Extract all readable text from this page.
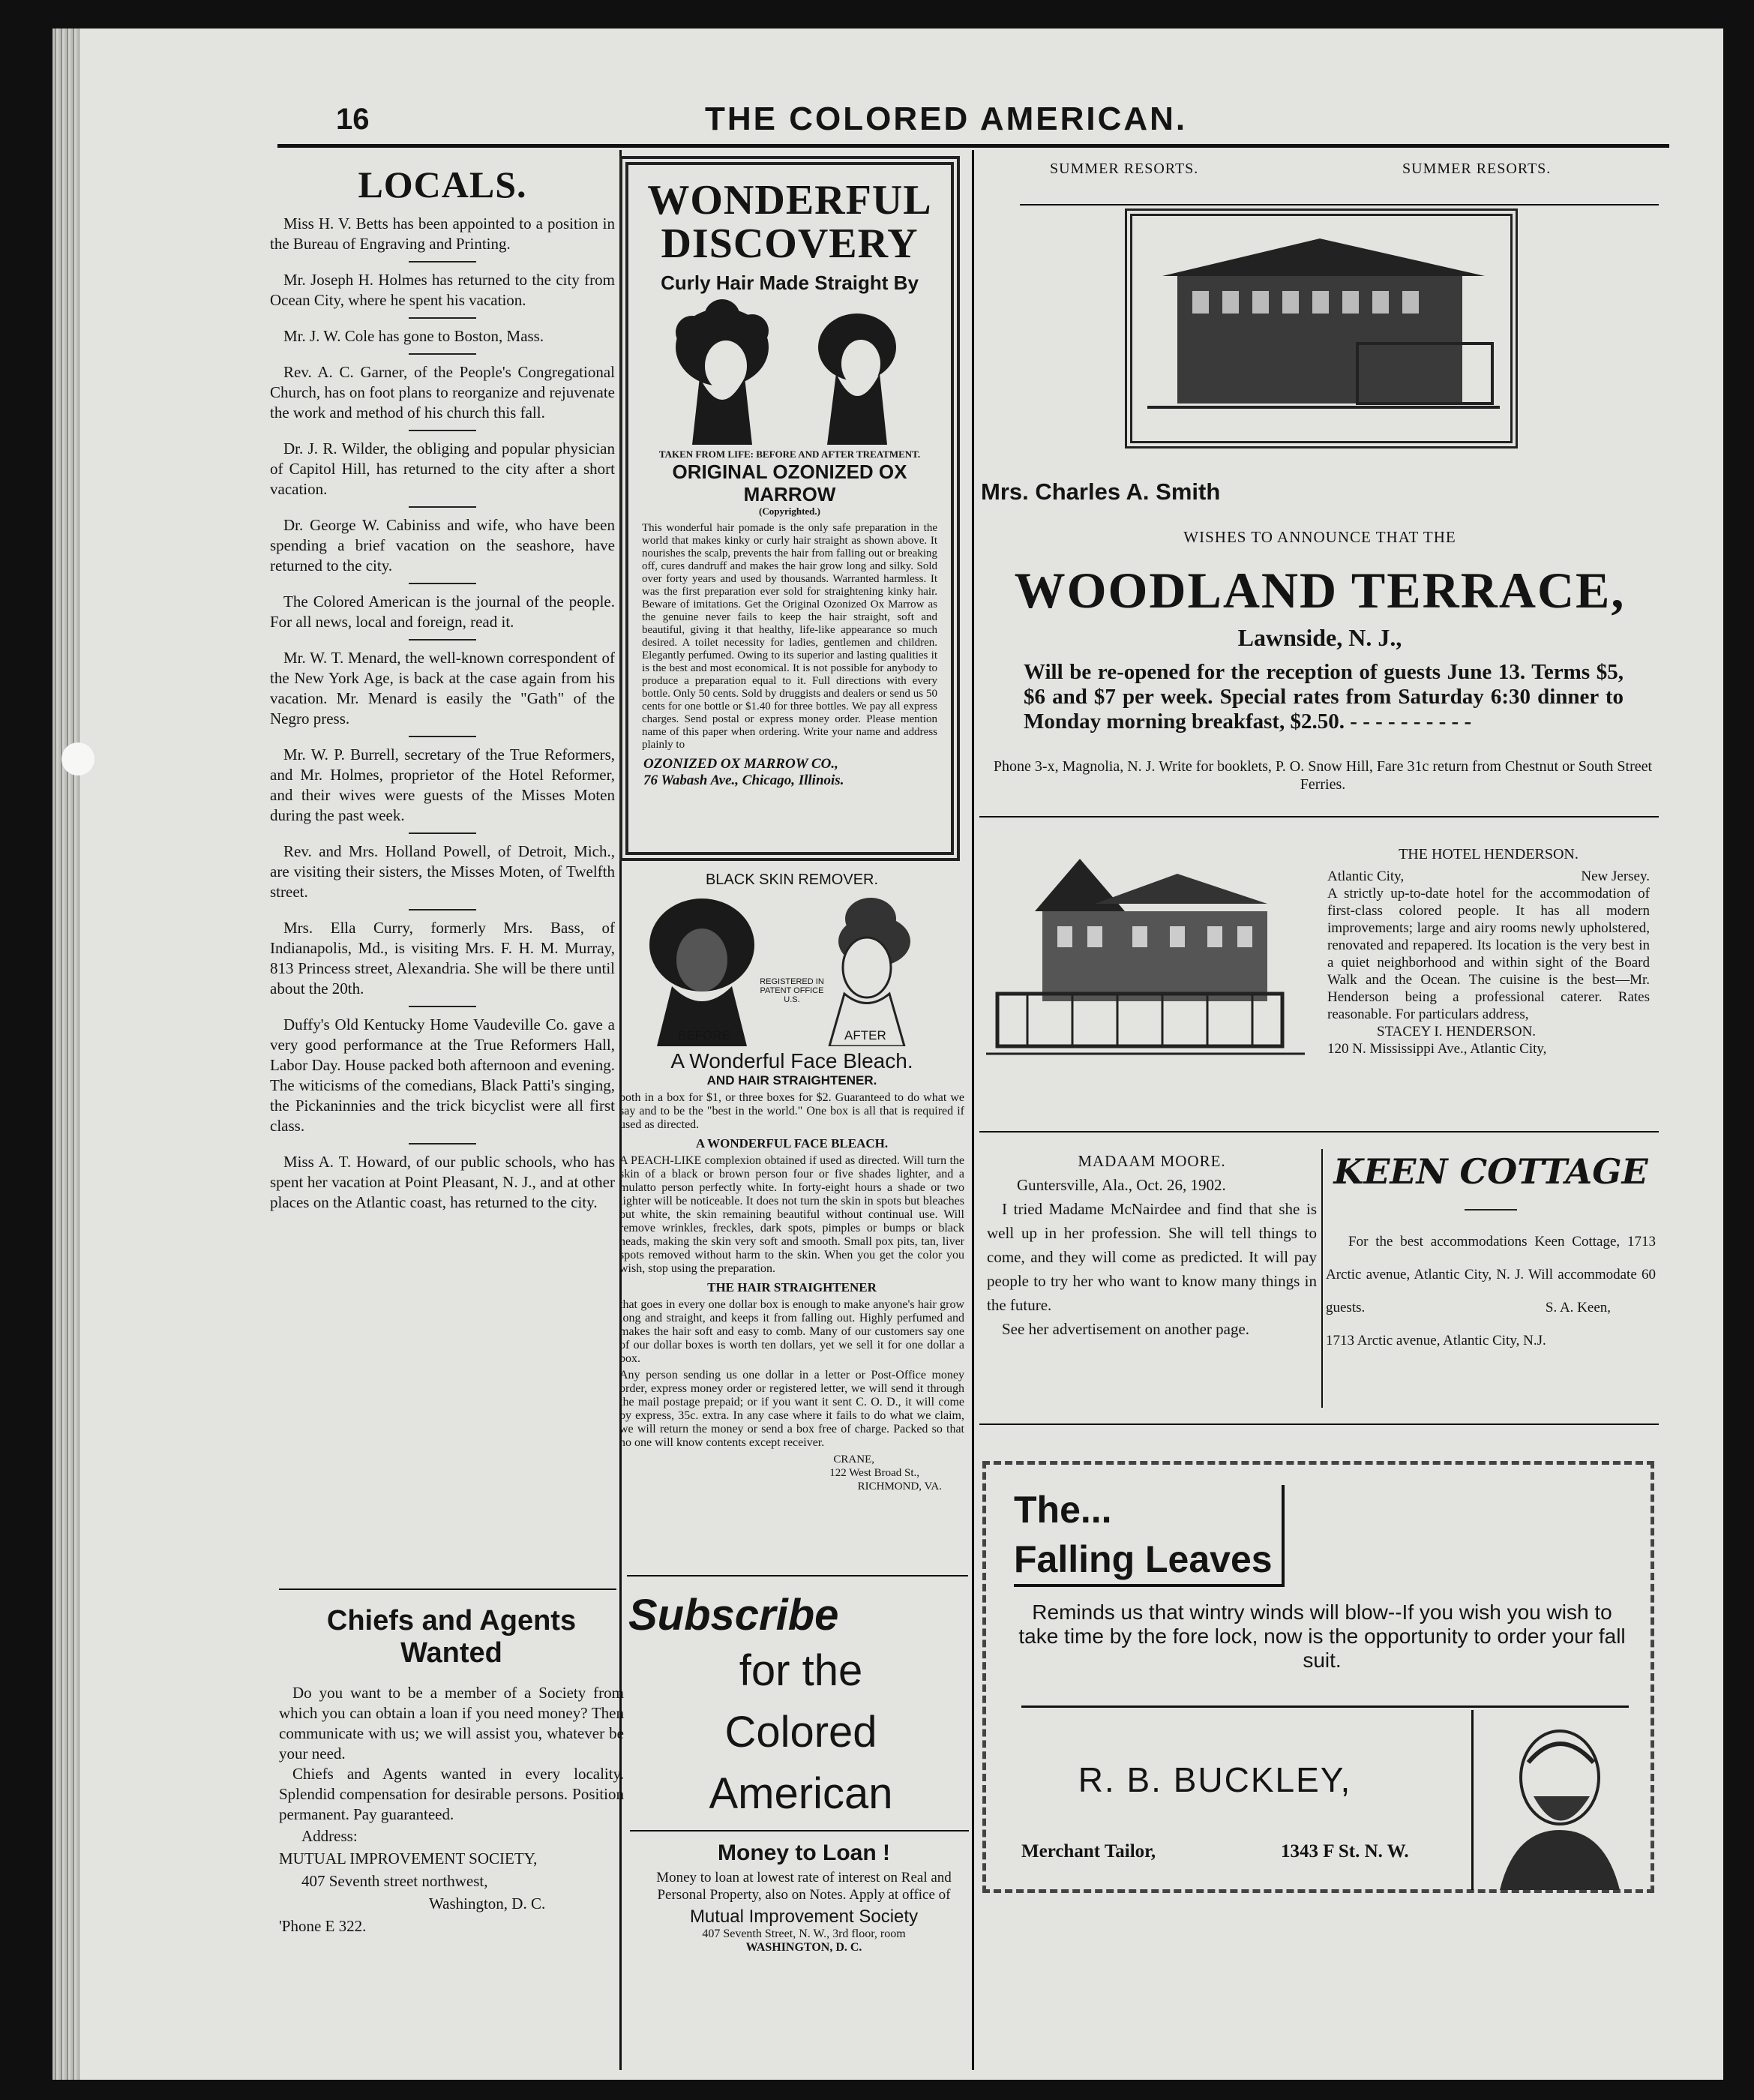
16	THE COLORED AMERICAN.
LOCALS.

Miss H. V. Betts has been appointed to a position in the Bureau of Engraving and Printing.

Mr. Joseph H. Holmes has returned to the city from Ocean City, where he spent his vacation.

Mr. J. W. Cole has gone to Boston, Mass.

Rev. A. C. Garner, of the People's Congregational Church, has on foot plans to reorganize and rejuvenate the work and method of his church this fall.

Dr. J. R. Wilder, the obliging and popular physician of Capitol Hill, has returned to the city after a short vacation.

Dr. George W. Cabiniss and wife, who have been spending a brief vacation on the seashore, have returned to the city.

The Colored American is the journal of the people. For all news, local and foreign, read it.

Mr. W. T. Menard, the well-known correspondent of the New York Age, is back at the case again from his vacation. Mr. Menard is easily the "Gath" of the Negro press.

Mr. W. P. Burrell, secretary of the True Reformers, and Mr. Holmes, proprietor of the Hotel Reformer, and their wives were guests of the Misses Moten during the past week.

Rev. and Mrs. Holland Powell, of Detroit, Mich., are visiting their sisters, the Misses Moten, of Twelfth street.

Mrs. Ella Curry, formerly Mrs. Bass, of Indianapolis, Md., is visiting Mrs. F. H. M. Murray, 813 Princess street, Alexandria. She will be there until about the 20th.

Duffy's Old Kentucky Home Vaudeville Co. gave a very good performance at the True Reformers Hall, Labor Day. House packed both afternoon and evening. The witicisms of the comedians, Black Patti's singing, the Pickaninnies and the trick bicyclist were all first class.

Miss A. T. Howard, of our public schools, who has spent her vacation at Point Pleasant, N. J., and at other places on the Atlantic coast, has returned to the city.

Chiefs and Agents Wanted

Do you want to be a member of a Society from which you can obtain a loan if you need money? Then communicate with us; we will assist you, whatever be your need.

Chiefs and Agents wanted in every locality. Splendid compensation for desirable persons. Position permanent. Pay guaranteed.

Address:
MUTUAL IMPROVEMENT SOCIETY,
407 Seventh street northwest,
Washington, D. C.
'Phone E 322.
WONDERFUL DISCOVERY
Curly Hair Made Straight By
TAKEN FROM LIFE: BEFORE AND AFTER TREATMENT.
ORIGINAL OZONIZED OX MARROW
(Copyrighted.)
This wonderful hair pomade is the only safe preparation in the world that makes kinky or curly hair straight as shown above. It nourishes the scalp, prevents the hair from falling out or breaking off, cures dandruff and makes the hair grow long and silky. Sold over forty years and used by thousands. Warranted harmless. It was the first preparation ever sold for straightening kinky hair. Beware of imitations. Get the Original Ozonized Ox Marrow as the genuine never fails to keep the hair straight, soft and beautiful, giving it that healthy, life-like appearance so much desired. A toilet necessity for ladies, gentlemen and children. Elegantly perfumed. Owing to its superior and lasting qualities it is the best and most economical. It is not possible for anybody to produce a preparation equal to it. Full directions with every bottle. Only 50 cents. Sold by druggists and dealers or send us 50 cents for one bottle or $1.40 for three bottles. We pay all express charges. Send postal or express money order. Please mention name of this paper when ordering. Write your name and address plainly to
OZONIZED OX MARROW CO.,
76 Wabash Ave., Chicago, Illinois.
BLACK SKIN REMOVER.
REGISTERED IN PATENT OFFICE U.S.
BEFORE	AFTER
A Wonderful Face Bleach.
AND HAIR STRAIGHTENER.
both in a box for $1, or three boxes for $2. Guaranteed to do what we say and to be the "best in the world." One box is all that is required if used as directed.
A WONDERFUL FACE BLEACH.
A PEACH-LIKE complexion obtained if used as directed. Will turn the skin of a black or brown person four or five shades lighter, and a mulatto person perfectly white. In forty-eight hours a shade or two lighter will be noticeable. It does not turn the skin in spots but bleaches out white, the skin remaining beautiful without continual use. Will remove wrinkles, freckles, dark spots, pimples or bumps or black heads, making the skin very soft and smooth. Small pox pits, tan, liver spots removed without harm to the skin. When you get the color you wish, stop using the preparation.
THE HAIR STRAIGHTENER
that goes in every one dollar box is enough to make anyone's hair grow long and straight, and keeps it from falling out. Highly perfumed and makes the hair soft and easy to comb. Many of our customers say one of our dollar boxes is worth ten dollars, yet we sell it for one dollar a box.
Any person sending us one dollar in a letter or Post-Office money order, express money order or registered letter, we will send it through the mail postage prepaid; or if you want it sent C. O. D., it will come by express, 35c. extra. In any case where it fails to do what we claim, we will return the money or send a box free of charge. Packed so that no one will know contents except receiver.
CRANE,
122 West Broad St.,
RICHMOND, VA.
Subscribe
for the
Colored
American
Money to Loan !

Money to loan at lowest rate of interest on Real and Personal Property, also on Notes. Apply at office of

Mutual Improvement Society
407 Seventh Street, N. W., 3rd floor, room
WASHINGTON, D. C.
SUMMER RESORTS.	SUMMER RESORTS.
Mrs. Charles A. Smith
WISHES TO ANNOUNCE THAT THE
WOODLAND TERRACE,
Lawnside, N. J.,
Will be re-opened for the reception of guests June 13. Terms $5, $6 and $7 per week. Special rates from Saturday 6:30 dinner to Monday morning breakfast, $2.50. - - - - - - - - - -
Phone 3-x, Magnolia, N. J. Write for booklets, P. O. Snow Hill, Fare 31c return from Chestnut or South Street Ferries.
THE HOTEL HENDERSON.
Atlantic City,	New Jersey.
A strictly up-to-date hotel for the accommodation of first-class colored people. It has all modern improvements; large and airy rooms newly upholstered, renovated and repapered. Its location is the very best in a quiet neighborhood and within sight of the Board Walk and the Ocean. The cuisine is the best—Mr. Henderson being a professional caterer. Rates reasonable. For particulars address,
STACEY I. HENDERSON.
120 N. Mississippi Ave., Atlantic City,
MADAAM MOORE.
Guntersville, Ala., Oct. 26, 1902.
I tried Madame McNairdee and find that she is well up in her profession. She will tell things to come, and they will come as predicted. It will pay people to try her who want to know many things in the future.
See her advertisement on another page.
KEEN COTTAGE
For the best accommodations Keen Cottage, 1713 Arctic avenue, Atlantic City, N. J. Will accommodate 60 guests.	S. A. Keen,
1713 Arctic avenue, Atlantic City, N.J.
The...
Falling Leaves
Reminds us that wintry winds will blow--If you wish you wish to take time by the fore lock, now is the opportunity to order your fall suit.
R. B. BUCKLEY,
Merchant Tailor,	1343 F St. N. W.
